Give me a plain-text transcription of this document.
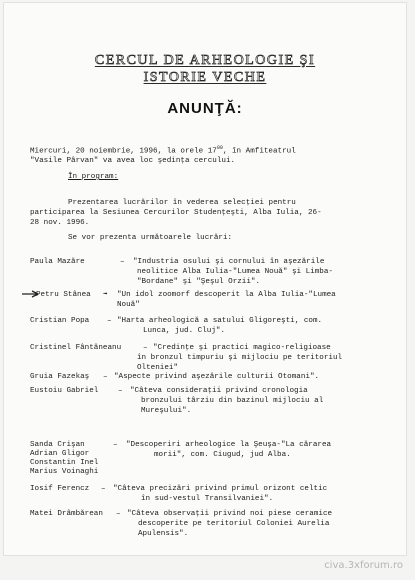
CERCUL DE ARHEOLOGIE ŞI
ISTORIE VECHE
ANUNŢĂ:
Miercuri, 20 noiembrie, 1996, la orele $17^{00}$, în Amfiteatrul
"Vasile Pârvan" va avea loc şedinţa cercului.
În program:
Prezentarea lucrărilor în vederea selecţiei pentru
participarea la Sesiunea Cercurilor Studenţeşti, Alba Iulia, 26-
28 nov. 1996.
Se vor prezenta următoarele lucrări:
Paula Mazăre	– "Industria osului şi cornului în aşezările
neolitice Alba Iulia-"Lumea Nouă" şi Limba-
"Bordane" şi "Şeşul Orzii".
Petru Stânea ➟ "Un idol zoomorf descoperit la Alba Iulia-"Lumea
Nouă"
Cristian Popa – "Harta arheologică a satului Gligoreşti, com.
Lunca, jud. Cluj".
Cristinel Fântâneanu	– "Credinţe şi practici magico-religioase
în bronzul timpuriu şi mijlociu pe teritoriul
Olteniei"
Gruia Fazekaş – "Aspecte privind aşezările culturii Otomani".
Eustoiu Gabriel	– "Câteva consideraţii privind cronologia
bronzului târziu din bazinul mijlociu al
Mureşului".
Sanda Crişan
Adrian Gligor
Constantin Inel
Marius Voinaghi
– "Descoperiri arheologice la Şeuşa-"La cărarea
morii", com. Ciugud, jud Alba.
Iosif Ferencz – "Câteva precizări privind primul orizont celtic
în sud-vestul Transilvaniei".
Matei Drâmbărean – "Câteva observaţii privind noi piese ceramice
descoperite pe teritoriul Coloniei Aurelia
Apulensis".
civa.3xforum.ro
